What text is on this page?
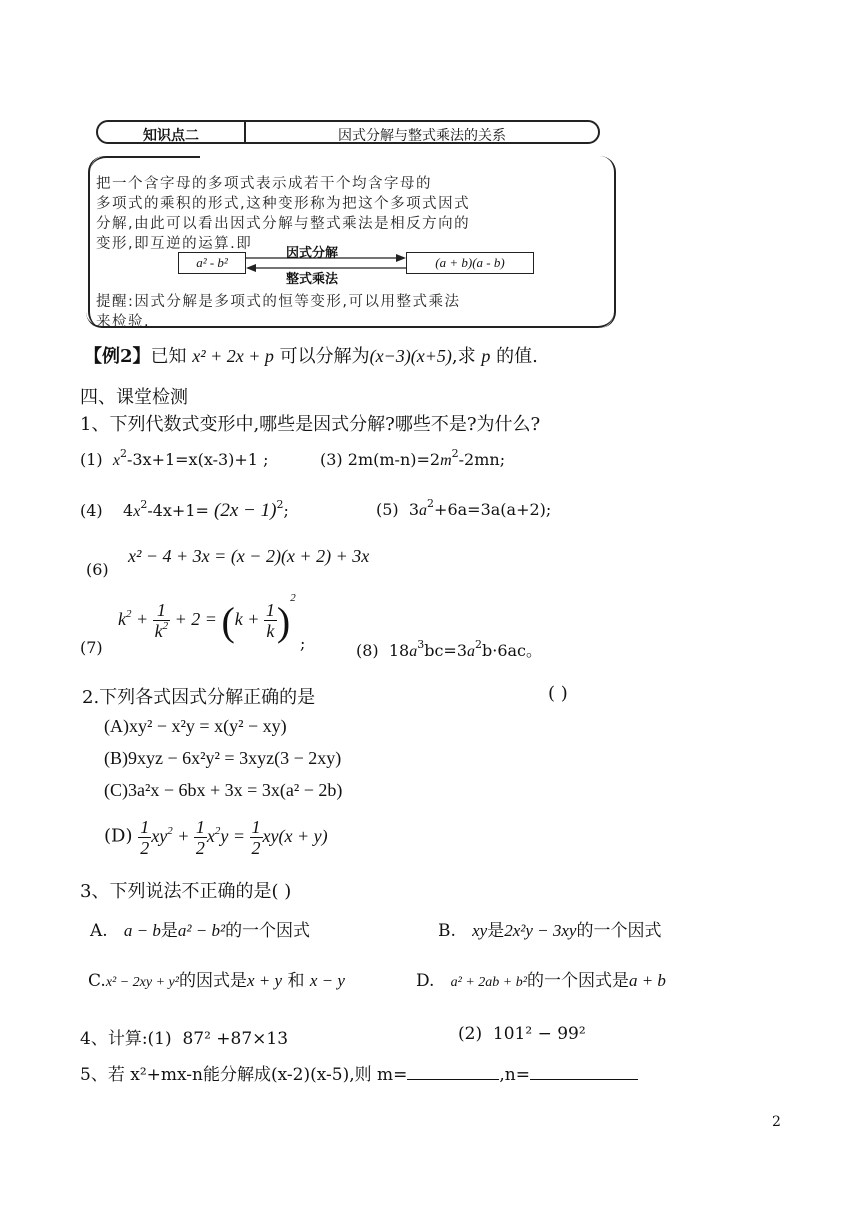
知识点二	因式分解与整式乘法的关系
把一个含字母的多项式表示成若干个均含字母的
多项式的乘积的形式,这种变形称为把这个多项式因式
分解,由此可以看出因式分解与整式乘法是相反方向的
变形,即互逆的运算.即
a² - b²	(a + b)(a - b)
因式分解
整式乘法
提醒:因式分解是多项式的恒等变形,可以用整式乘法
来检验.
【例2】已知 x² + 2x + p 可以分解为(x−3)(x+5),求 p 的值.
四、课堂检测
1、下列代数式变形中,哪些是因式分解?哪些不是?为什么?
(1) $x^2-3x+1=x(x-3)+1$ ;	(3) $2m(m-n)=2m^2-2mn$;
(4) $4x^2-4x+1= (2x - 1)^2$;	(5) $3a^2+6a=3a(a+2)$;
(6)
x² − 4 + 3x = (x − 2)(x + 2) + 3x
(7)
$k^2 + \frac{1}{k^2} + 2 = (k + \frac{1}{k} )^2$
;	(8) $18a^3bc=3a^2b\cdot 6ac$。
2.下列各式因式分解正确的是	( )
(A)xy² − x²y = x(y² − xy)
(B)9xyz − 6x²y² = 3xyz(3 − 2xy)
(C)3a²x − 6bx + 3x = 3x(a² − 2b)
$(D) \frac{1}{2} xy^2 + \frac{1}{2} x^2y = \frac{1}{2} xy(x + y)$
3、下列说法不正确的是( )
A. a − b是a² − b²的一个因式	B. xy是2x²y − 3xy的一个因式
C.x² − 2xy + y²的因式是x + y 和 x − y	D. a² + 2ab + b²的一个因式是a + b
4、计算:(1) 87² +87×13	(2) 101² − 99²
5、若 x²+mx-n能分解成(x-2)(x-5),则 m=	,n=
2
